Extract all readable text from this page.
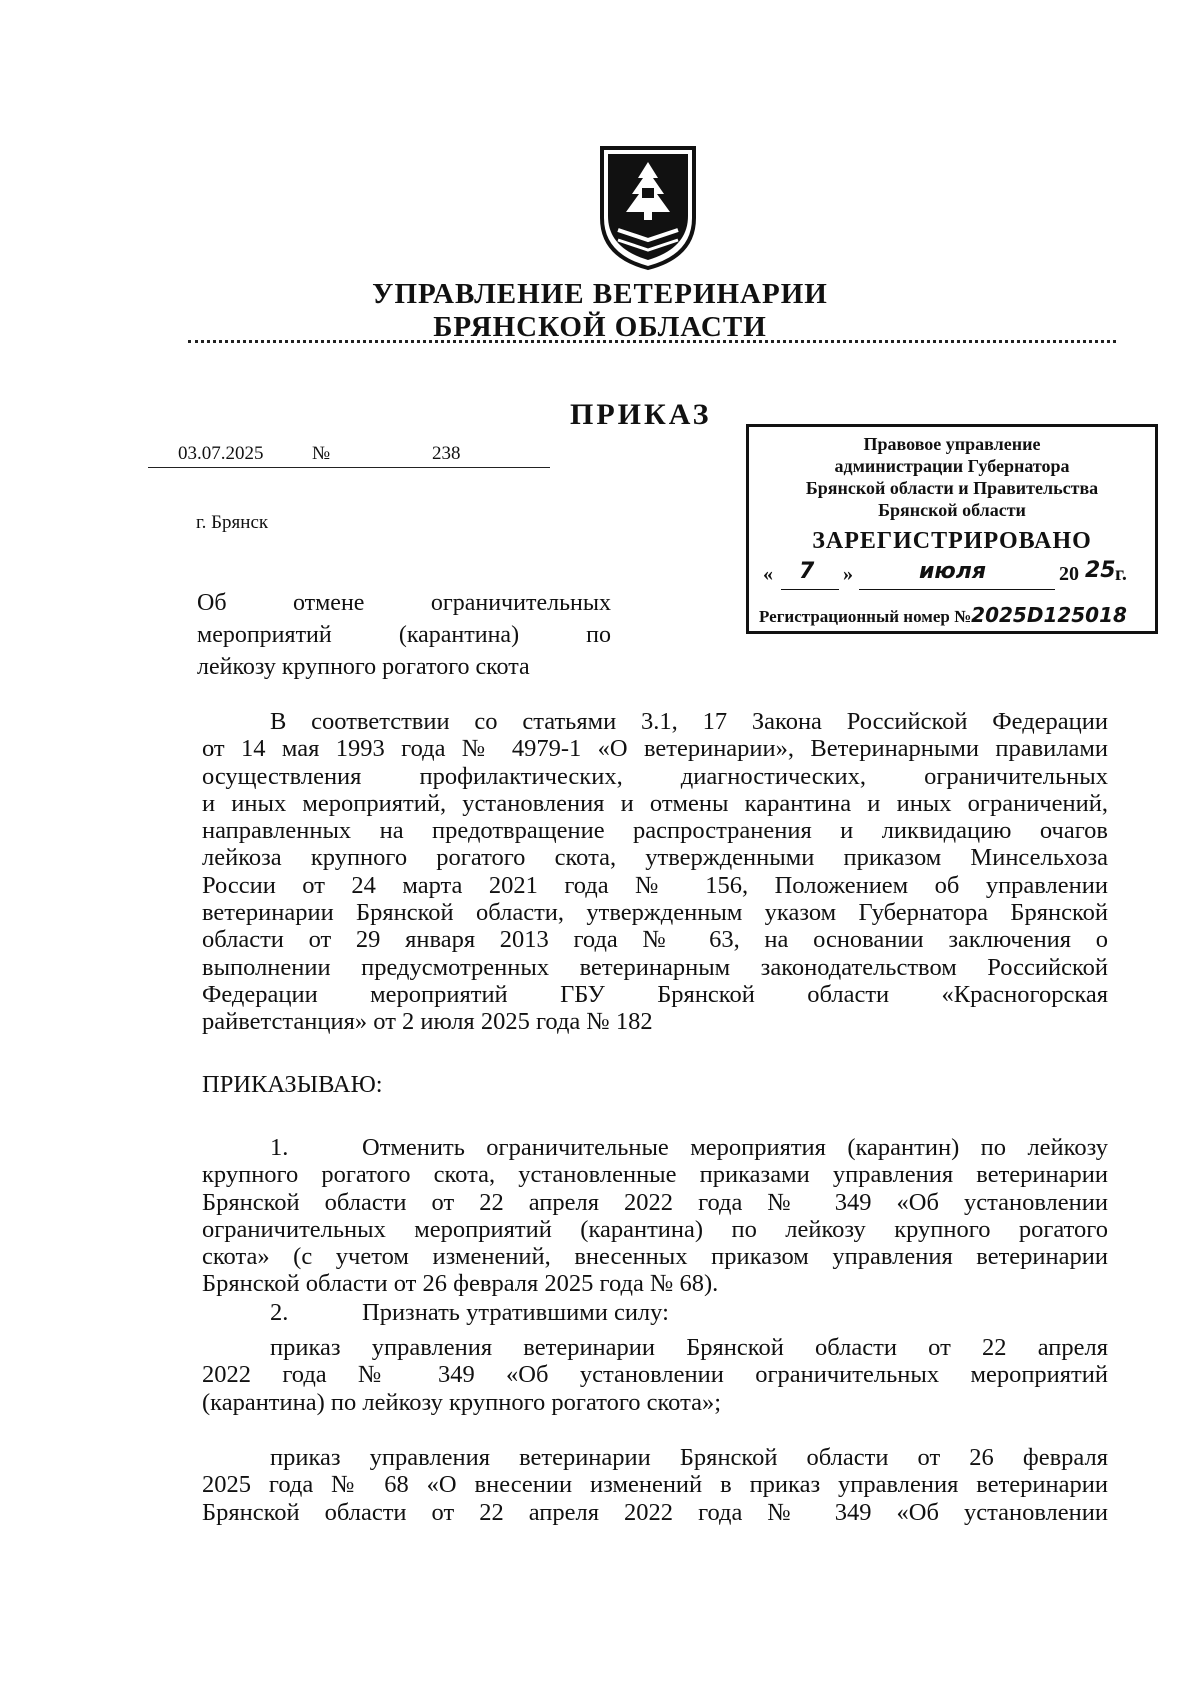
УПРАВЛЕНИЕ ВЕТЕРИНАРИИ
БРЯНСКОЙ ОБЛАСТИ
ПРИКАЗ
03.07.2025	№	238
г. Брянск
Об отмене ограничительных
мероприятий (карантина) по
лейкозу крупного рогатого скота
Правовое управление
администрации Губернатора
Брянской области и Правительства
Брянской области
ЗАРЕГИСТРИРОВАНО
« 7 »	июля	20 25 г.
Регистрационный номер №2025D125018
В соответствии со статьями 3.1, 17 Закона Российской Федерации
от 14 мая 1993 года № 4979-1 «О ветеринарии», Ветеринарными правилами
осуществления профилактических, диагностических, ограничительных
и иных мероприятий, установления и отмены карантина и иных ограничений,
направленных на предотвращение распространения и ликвидацию очагов
лейкоза крупного рогатого скота, утвержденными приказом Минсельхоза
России от 24 марта 2021 года № 156, Положением об управлении
ветеринарии Брянской области, утвержденным указом Губернатора Брянской
области от 29 января 2013 года № 63, на основании заключения о
выполнении предусмотренных ветеринарным законодательством Российской
Федерации мероприятий ГБУ Брянской области «Красногорская
райветстанция» от 2 июля 2025 года № 182
ПРИКАЗЫВАЮ:
1.	Отменить ограничительные мероприятия (карантин) по лейкозу
крупного рогатого скота, установленные приказами управления ветеринарии
Брянской области от 22 апреля 2022 года № 349 «Об установлении
ограничительных мероприятий (карантина) по лейкозу крупного рогатого
скота» (с учетом изменений, внесенных приказом управления ветеринарии
Брянской области от 26 февраля 2025 года № 68).
2.	Признать утратившими силу:
приказ управления ветеринарии Брянской области от 22 апреля
2022 года № 349 «Об установлении ограничительных мероприятий
(карантина) по лейкозу крупного рогатого скота»;
приказ управления ветеринарии Брянской области от 26 февраля
2025 года № 68 «О внесении изменений в приказ управления ветеринарии
Брянской области от 22 апреля 2022 года № 349 «Об установлении
